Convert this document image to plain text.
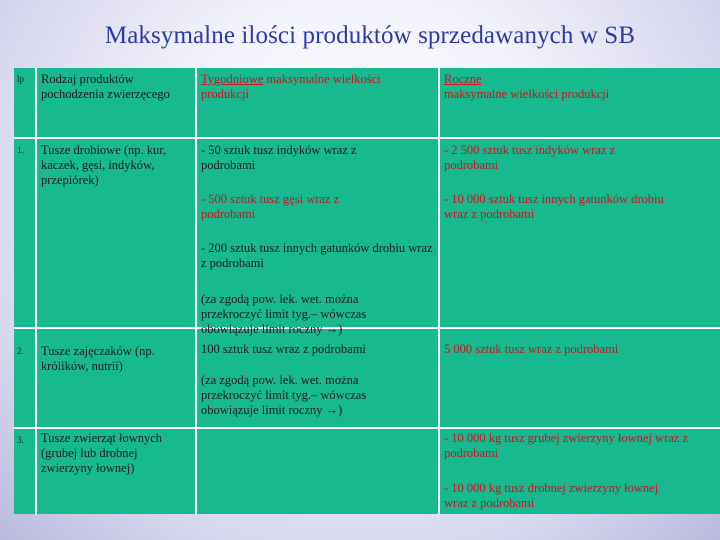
Maksymalne ilości produktów sprzedawanych w SB
lp Rodzaj produktów pochodzenia zwierzęcego
Tygodniowe maksymalne wielkości produkcji
Roczne
maksymalne wielkości produkcji
1. Tusze drobiowe (np. kur, kaczek, gęsi, indyków, przepiórek)
- 50 sztuk tusz indyków wraz z podrobami
- 500 sztuk tusz gęsi wraz z podrobami
- 200 sztuk tusz innych gatunków drobiu wraz z podrobami
- 2 500 sztuk tusz indyków wraz z podrobami
- 10 000 sztuk tusz innych gatunków drobiu wraz z podrobami
2. Tusze zajęczaków (np. królików, nutrii)
(za zgodą pow. lek. wet. można przekroczyć limit tyg.– wówczas obowiązuje limit roczny →)
100 sztuk tusz wraz z podrobami
(za zgodą pow. lek. wet. można przekroczyć limit tyg.– wówczas obowiązuje limit roczny →)
5 000 sztuk tusz wraz z podrobami
3. Tusze zwierząt łownych (grubej lub drobnej zwierzyny łownej)
- 10 000 kg tusz grubej zwierzyny łownej wraz z podrobami
- 10 000 kg tusz drobnej zwierzyny łownej wraz z podrobami
